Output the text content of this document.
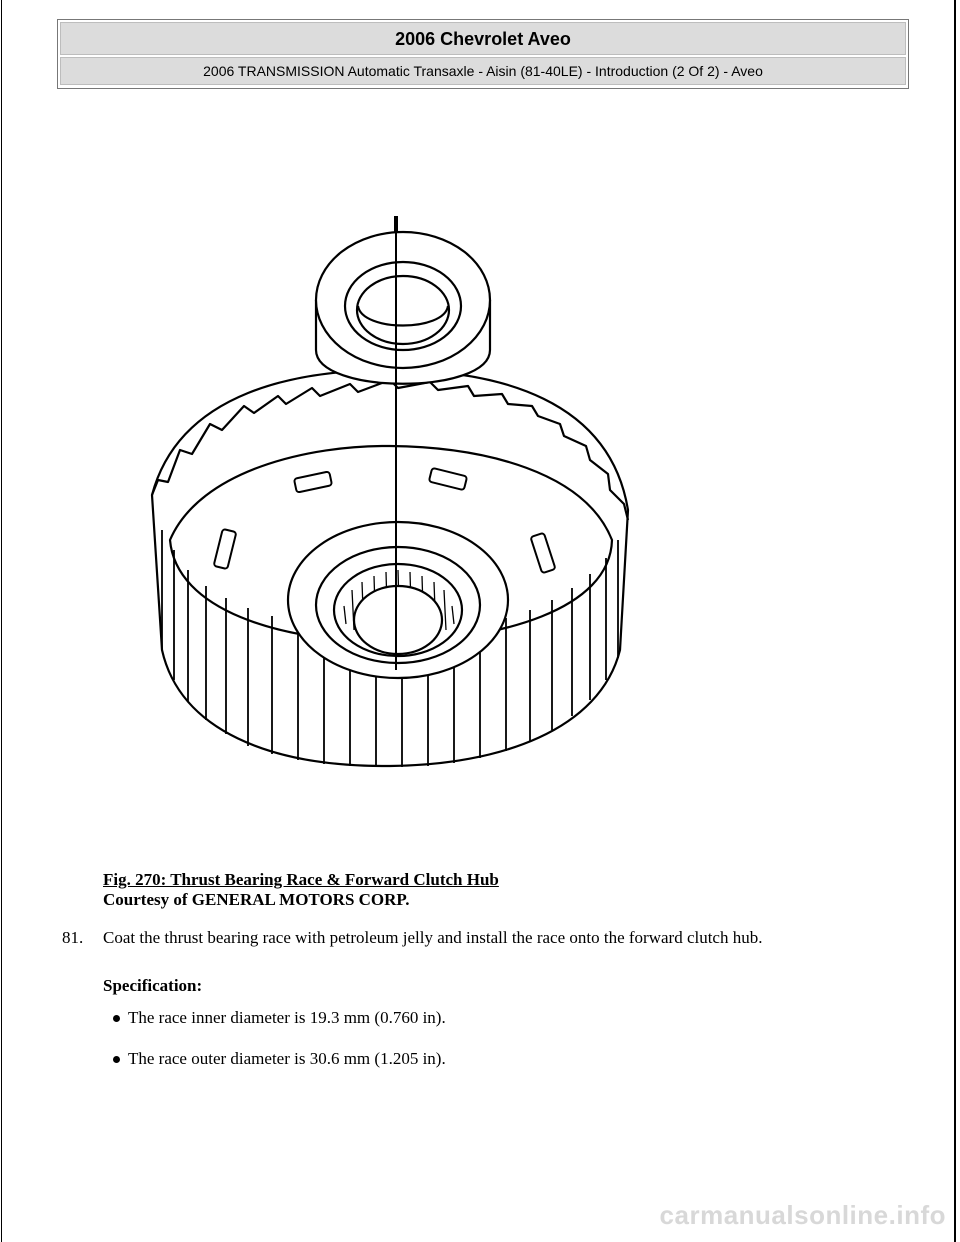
2006 Chevrolet Aveo
2006 TRANSMISSION Automatic Transaxle - Aisin (81-40LE) - Introduction (2 Of 2) - Aveo
Fig. 270: Thrust Bearing Race & Forward Clutch Hub
Courtesy of GENERAL MOTORS CORP.
81. Coat the thrust bearing race with petroleum jelly and install the race onto the forward clutch hub.
Specification:
The race inner diameter is 19.3 mm (0.760 in).
The race outer diameter is 30.6 mm (1.205 in).
carmanualsonline.info
